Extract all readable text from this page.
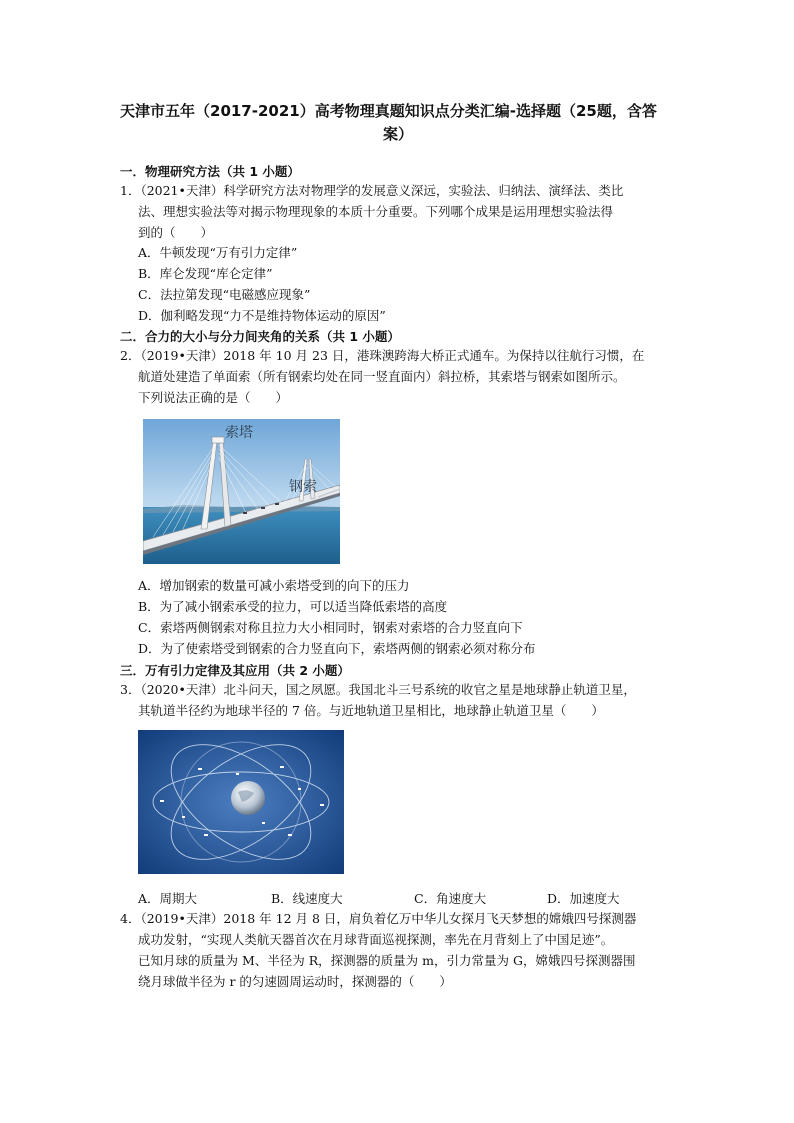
天津市五年（2017-2021）高考物理真题知识点分类汇编-选择题（25题，含答
案）
一．物理研究方法（共 1 小题）
1．（2021•天津）科学研究方法对物理学的发展意义深远，实验法、归纳法、演绎法、类比
法、理想实验法等对揭示物理现象的本质十分重要。下列哪个成果是运用理想实验法得
到的（　　）
A．牛顿发现“万有引力定律”
B．库仑发现“库仑定律”
C．法拉第发现“电磁感应现象”
D．伽利略发现“力不是维持物体运动的原因”
二．合力的大小与分力间夹角的关系（共 1 小题）
2．（2019•天津）2018 年 10 月 23 日，港珠澳跨海大桥正式通车。为保持以往航行习惯，在
航道处建造了单面索（所有钢索均处在同一竖直面内）斜拉桥，其索塔与钢索如图所示。
下列说法正确的是（　　）
索塔
钢索
A．增加钢索的数量可减小索塔受到的向下的压力
B．为了减小钢索承受的拉力，可以适当降低索塔的高度
C．索塔两侧钢索对称且拉力大小相同时，钢索对索塔的合力竖直向下
D．为了使索塔受到钢索的合力竖直向下，索塔两侧的钢索必须对称分布
三．万有引力定律及其应用（共 2 小题）
3．（2020•天津）北斗问天，国之夙愿。我国北斗三号系统的收官之星是地球静止轨道卫星，
其轨道半径约为地球半径的 7 倍。与近地轨道卫星相比，地球静止轨道卫星（　　）
A．周期大	B．线速度大	C．角速度大	D．加速度大
4．（2019•天津）2018 年 12 月 8 日，肩负着亿万中华儿女探月飞天梦想的嫦娥四号探测器
成功发射，“实现人类航天器首次在月球背面巡视探测，率先在月背刻上了中国足迹”。
已知月球的质量为 M、半径为 R，探测器的质量为 m，引力常量为 G，嫦娥四号探测器围
绕月球做半径为 r 的匀速圆周运动时，探测器的（　　）
